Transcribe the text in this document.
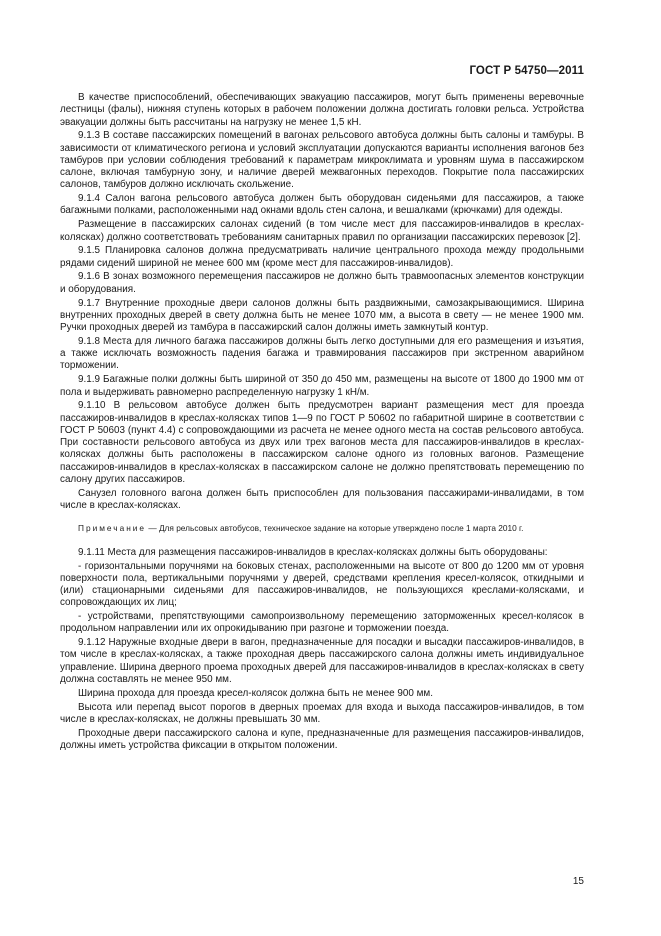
ГОСТ Р 54750—2011

В качестве приспособлений, обеспечивающих эвакуацию пассажиров, могут быть применены веревочные лестницы (фалы), нижняя ступень которых в рабочем положении должна достигать головки рельса. Устройства эвакуации должны быть рассчитаны на нагрузку не менее 1,5 кН.

9.1.3 В составе пассажирских помещений в вагонах рельсового автобуса должны быть салоны и тамбуры. В зависимости от климатического региона и условий эксплуатации допускаются варианты исполнения вагонов без тамбуров при условии соблюдения требований к параметрам микроклимата и уровням шума в пассажирском салоне, включая тамбурную зону, и наличие дверей межвагонных переходов. Покрытие пола пассажирских салонов, тамбуров должно исключать скольжение.

9.1.4 Салон вагона рельсового автобуса должен быть оборудован сиденьями для пассажиров, а также багажными полками, расположенными над окнами вдоль стен салона, и вешалками (крючками) для одежды.

Размещение в пассажирских салонах сидений (в том числе мест для пассажиров-инвалидов в креслах-колясках) должно соответствовать требованиям санитарных правил по организации пассажирских перевозок [2].

9.1.5 Планировка салонов должна предусматривать наличие центрального прохода между продольными рядами сидений шириной не менее 600 мм (кроме мест для пассажиров-инвалидов).

9.1.6 В зонах возможного перемещения пассажиров не должно быть травмоопасных элементов конструкции и оборудования.

9.1.7 Внутренние проходные двери салонов должны быть раздвижными, самозакрывающимися. Ширина внутренних проходных дверей в свету должна быть не менее 1070 мм, а высота в свету — не менее 1900 мм. Ручки проходных дверей из тамбура в пассажирский салон должны иметь замкнутый контур.

9.1.8 Места для личного багажа пассажиров должны быть легко доступными для его размещения и изъятия, а также исключать возможность падения багажа и травмирования пассажиров при экстренном аварийном торможении.

9.1.9 Багажные полки должны быть шириной от 350 до 450 мм, размещены на высоте от 1800 до 1900 мм от пола и выдерживать равномерно распределенную нагрузку 1 кН/м.

9.1.10 В рельсовом автобусе должен быть предусмотрен вариант размещения мест для проезда пассажиров-инвалидов в креслах-колясках типов 1—9 по ГОСТ Р 50602 по габаритной ширине в соответствии с ГОСТ Р 50603 (пункт 4.4) с сопровождающими из расчета не менее одного места на состав рельсового автобуса. При составности рельсового автобуса из двух или трех вагонов места для пассажиров-инвалидов в креслах-колясках должны быть расположены в пассажирском салоне одного из головных вагонов. Размещение пассажиров-инвалидов в креслах-колясках в пассажирском салоне не должно препятствовать перемещению по салону других пассажиров.

Санузел головного вагона должен быть приспособлен для пользования пассажирами-инвалидами, в том числе в креслах-колясках.

Примечание — Для рельсовых автобусов, техническое задание на которые утверждено после 1 марта 2010 г.

9.1.11 Места для размещения пассажиров-инвалидов в креслах-колясках должны быть оборудованы:

- горизонтальными поручнями на боковых стенах, расположенными на высоте от 800 до 1200 мм от уровня поверхности пола, вертикальными поручнями у дверей, средствами крепления кресел-колясок, откидными и (или) стационарными сиденьями для пассажиров-инвалидов, не пользующихся креслами-колясками, и сопровождающих их лиц;

- устройствами, препятствующими самопроизвольному перемещению заторможенных кресел-колясок в продольном направлении или их опрокидыванию при разгоне и торможении поезда.

9.1.12 Наружные входные двери в вагон, предназначенные для посадки и высадки пассажиров-инвалидов, в том числе в креслах-колясках, а также проходная дверь пассажирского салона должны иметь индивидуальное управление. Ширина дверного проема проходных дверей для пассажиров-инвалидов в креслах-колясках в свету должна составлять не менее 950 мм.

Ширина прохода для проезда кресел-колясок должна быть не менее 900 мм.

Высота или перепад высот порогов в дверных проемах для входа и выхода пассажиров-инвалидов, в том числе в креслах-колясках, не должны превышать 30 мм.

Проходные двери пассажирского салона и купе, предназначенные для размещения пассажиров-инвалидов, должны иметь устройства фиксации в открытом положении.

15
